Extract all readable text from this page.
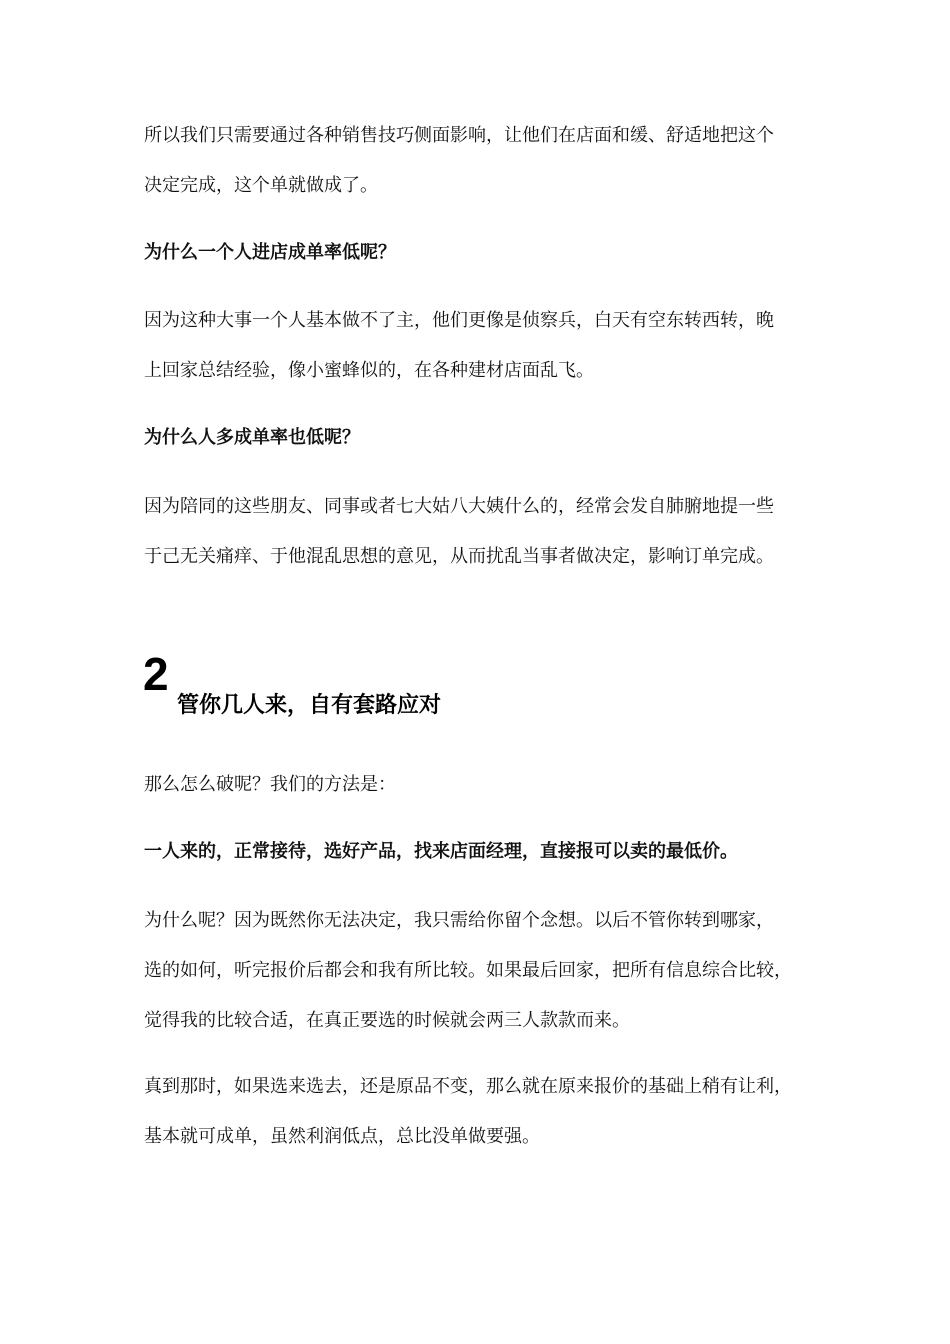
所以我们只需要通过各种销售技巧侧面影响，让他们在店面和缓、舒适地把这个
决定完成，这个单就做成了。

为什么一个人进店成单率低呢？

因为这种大事一个人基本做不了主，他们更像是侦察兵，白天有空东转西转，晚
上回家总结经验，像小蜜蜂似的，在各种建材店面乱飞。

为什么人多成单率也低呢？

因为陪同的这些朋友、同事或者七大姑八大姨什么的，经常会发自肺腑地提一些
于己无关痛痒、于他混乱思想的意见，从而扰乱当事者做决定，影响订单完成。

2
管你几人来，自有套路应对

那么怎么破呢？我们的方法是：

一人来的，正常接待，选好产品，找来店面经理，直接报可以卖的最低价。

为什么呢？因为既然你无法决定，我只需给你留个念想。以后不管你转到哪家，
选的如何，听完报价后都会和我有所比较。如果最后回家，把所有信息综合比较，
觉得我的比较合适，在真正要选的时候就会两三人款款而来。

真到那时，如果选来选去，还是原品不变，那么就在原来报价的基础上稍有让利，
基本就可成单，虽然利润低点，总比没单做要强。
